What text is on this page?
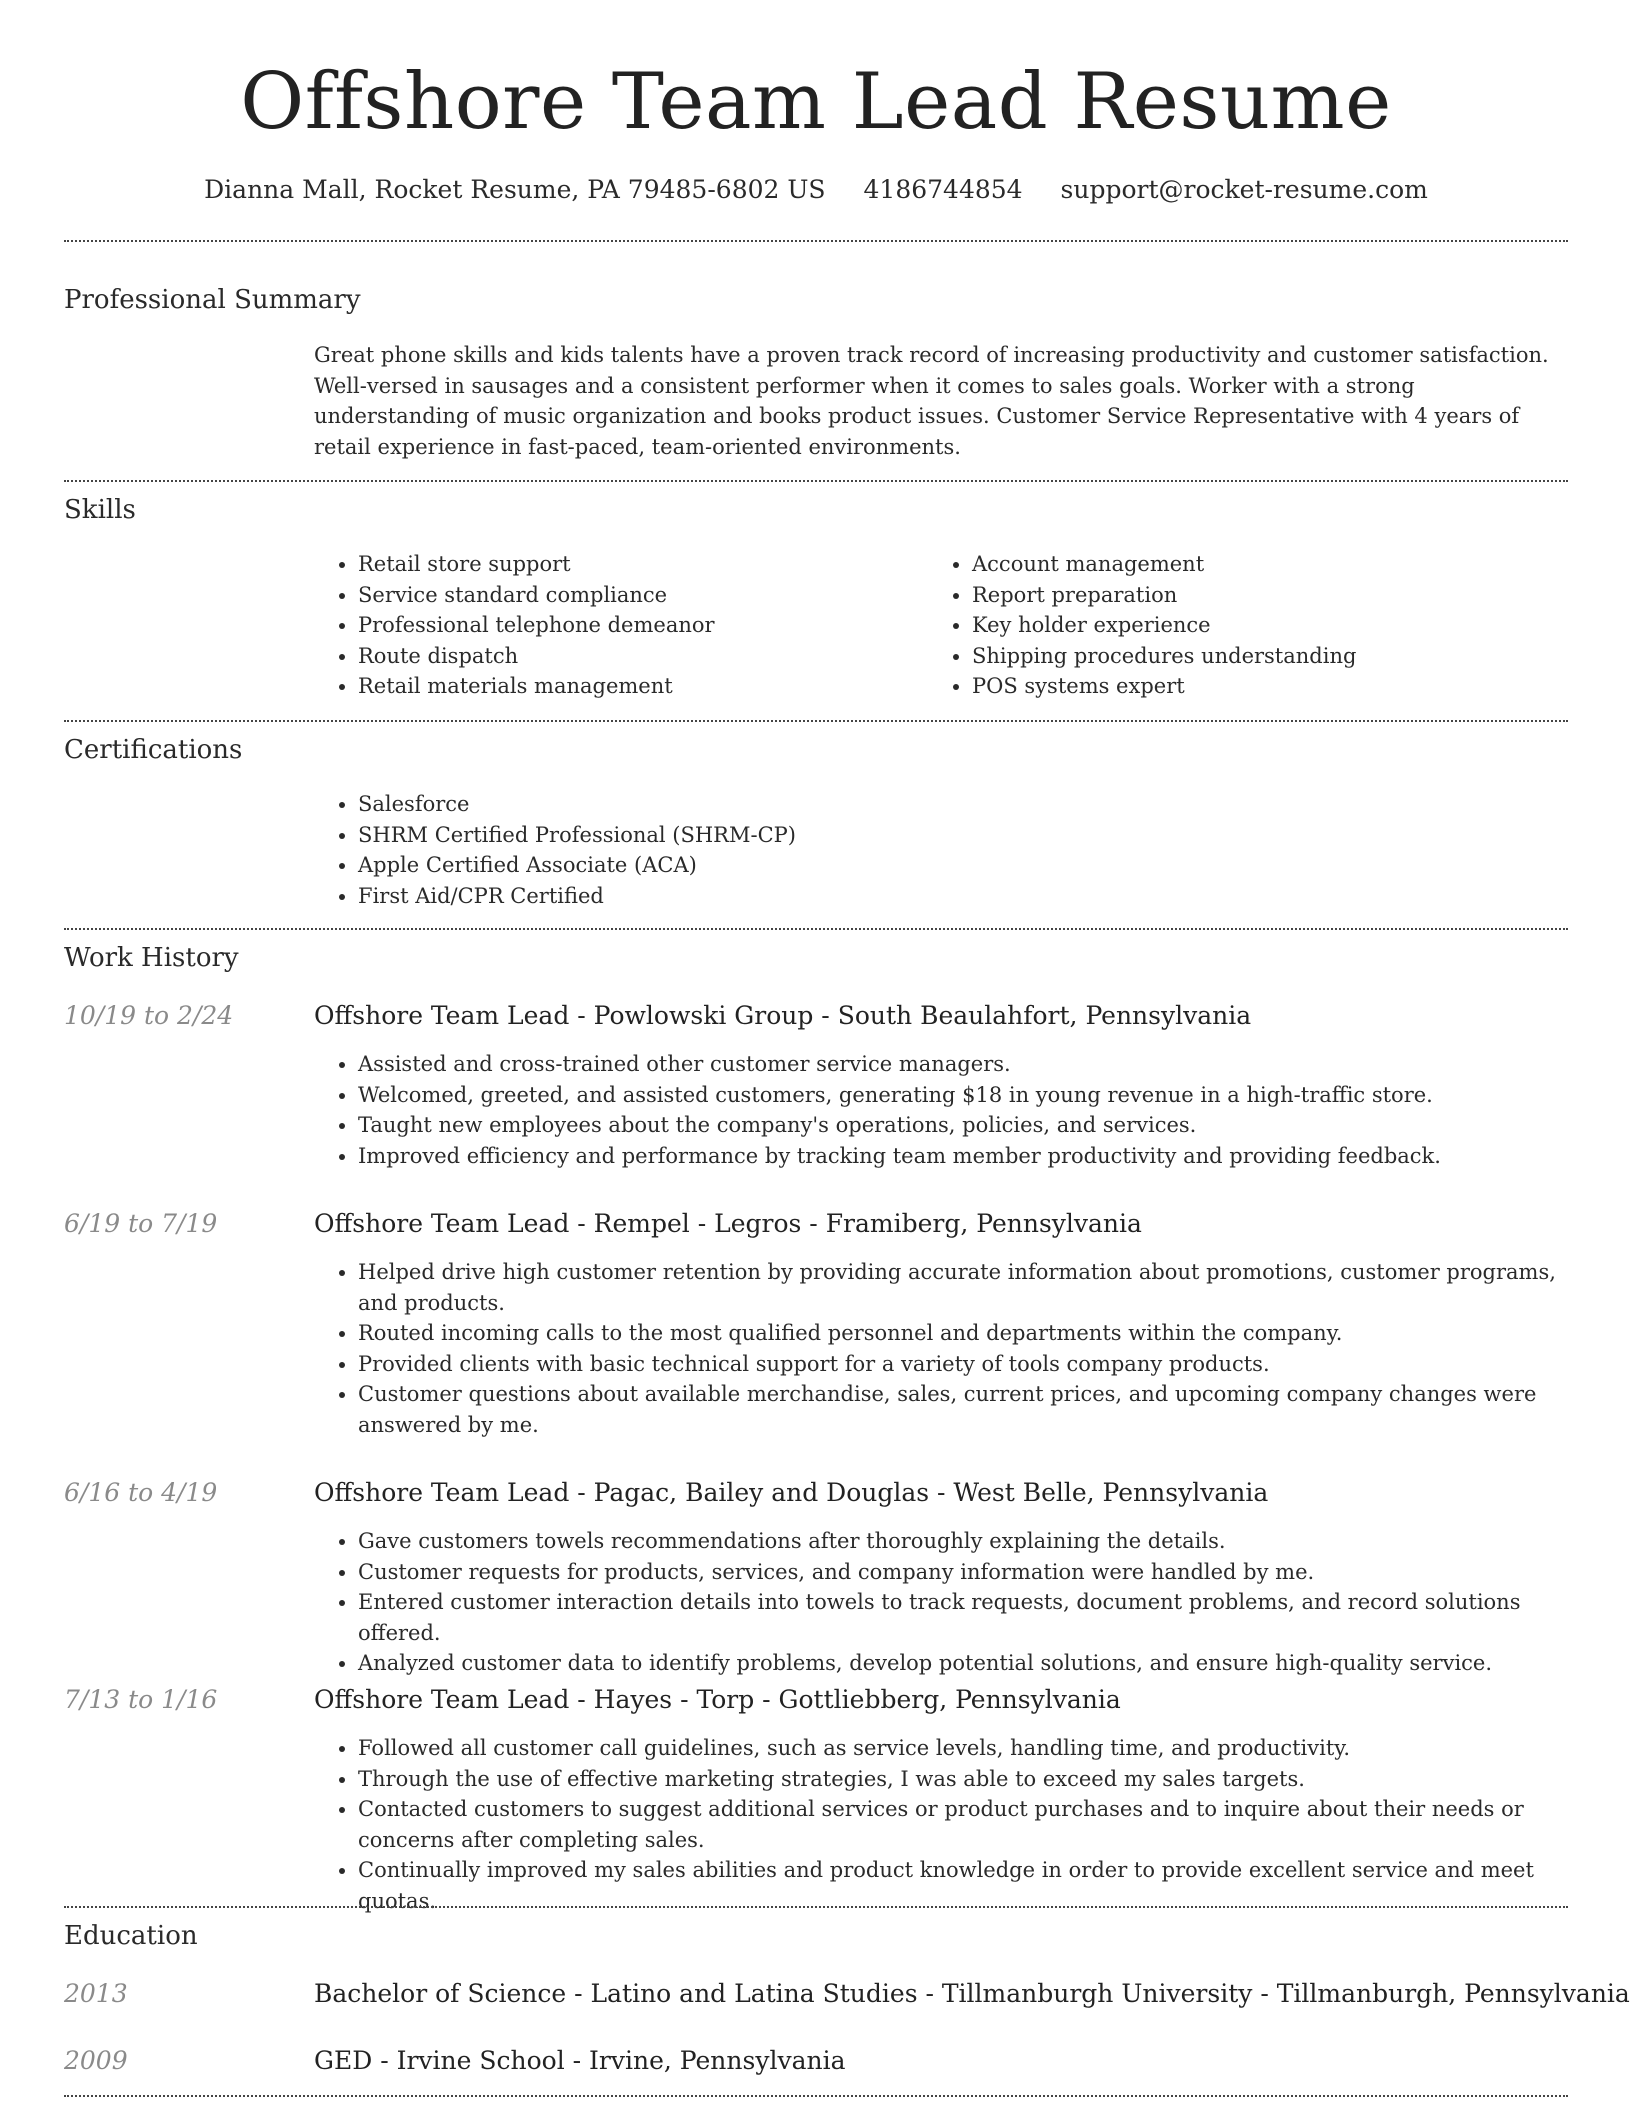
Offshore Team Lead Resume
Dianna Mall, Rocket Resume, PA 79485-6802 US 4186744854 support@rocket-resume.com
Professional Summary

Great phone skills and kids talents have a proven track record of increasing productivity and customer satisfaction. Well-versed in sausages and a consistent performer when it comes to sales goals. Worker with a strong understanding of music organization and books product issues. Customer Service Representative with 4 years of retail experience in fast-paced, team-oriented environments.

Skills
• Retail store support
• Service standard compliance
• Professional telephone demeanor
• Route dispatch
• Retail materials management
• Account management
• Report preparation
• Key holder experience
• Shipping procedures understanding
• POS systems expert
Certifications
• Salesforce
• SHRM Certified Professional (SHRM-CP)
• Apple Certified Associate (ACA)
• First Aid/CPR Certified
Work History
10/19 to 2/24	Offshore Team Lead - Powlowski Group - South Beaulahfort, Pennsylvania
• Assisted and cross-trained other customer service managers.
• Welcomed, greeted, and assisted customers, generating $18 in young revenue in a high-traffic store.
• Taught new employees about the company's operations, policies, and services.
• Improved efficiency and performance by tracking team member productivity and providing feedback.
6/19 to 7/19	Offshore Team Lead - Rempel - Legros - Framiberg, Pennsylvania
• Helped drive high customer retention by providing accurate information about promotions, customer programs, and products.
• Routed incoming calls to the most qualified personnel and departments within the company.
• Provided clients with basic technical support for a variety of tools company products.
• Customer questions about available merchandise, sales, current prices, and upcoming company changes were answered by me.
6/16 to 4/19	Offshore Team Lead - Pagac, Bailey and Douglas - West Belle, Pennsylvania
• Gave customers towels recommendations after thoroughly explaining the details.
• Customer requests for products, services, and company information were handled by me.
• Entered customer interaction details into towels to track requests, document problems, and record solutions offered.
• Analyzed customer data to identify problems, develop potential solutions, and ensure high-quality service.
7/13 to 1/16	Offshore Team Lead - Hayes - Torp - Gottliebberg, Pennsylvania
• Followed all customer call guidelines, such as service levels, handling time, and productivity.
• Through the use of effective marketing strategies, I was able to exceed my sales targets.
• Contacted customers to suggest additional services or product purchases and to inquire about their needs or concerns after completing sales.
• Continually improved my sales abilities and product knowledge in order to provide excellent service and meet quotas.
Education
2013	Bachelor of Science - Latino and Latina Studies - Tillmanburgh University - Tillmanburgh, Pennsylvania
2009	GED - Irvine School - Irvine, Pennsylvania
